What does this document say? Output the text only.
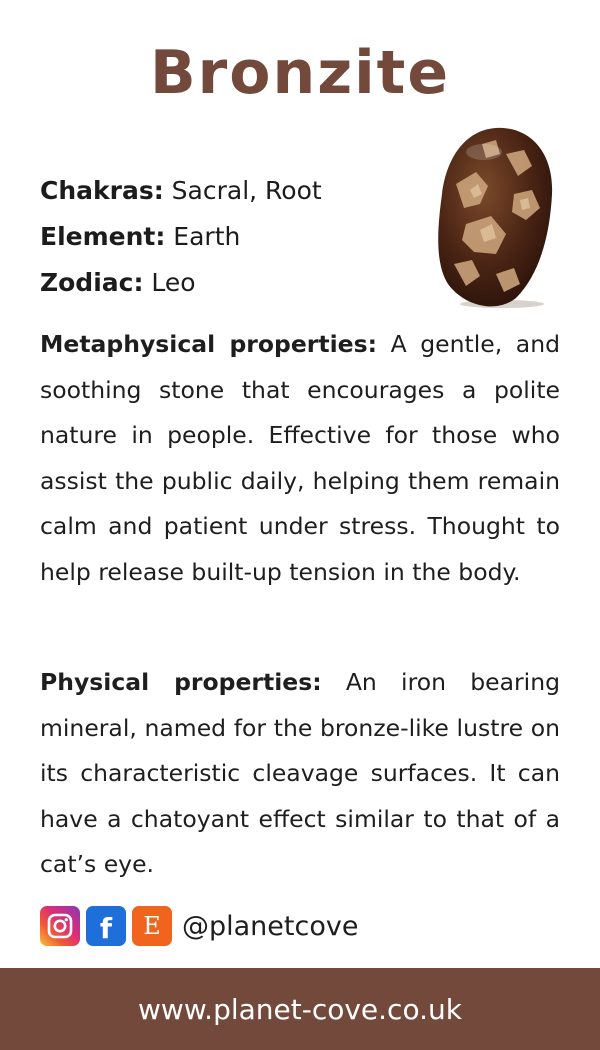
Bronzite
Chakras: Sacral, Root
Element: Earth
Zodiac: Leo

Metaphysical properties: A gentle, and soothing stone that encourages a polite nature in people. Effective for those who assist the public daily, helping them remain calm and patient under stress. Thought to help release built-up tension in the body.

Physical properties: An iron bearing mineral, named for the bronze-like lustre on its characteristic cleavage surfaces. It can have a chatoyant effect similar to that of a cat’s eye.

f E @planetcove
www.planet-cove.co.uk
